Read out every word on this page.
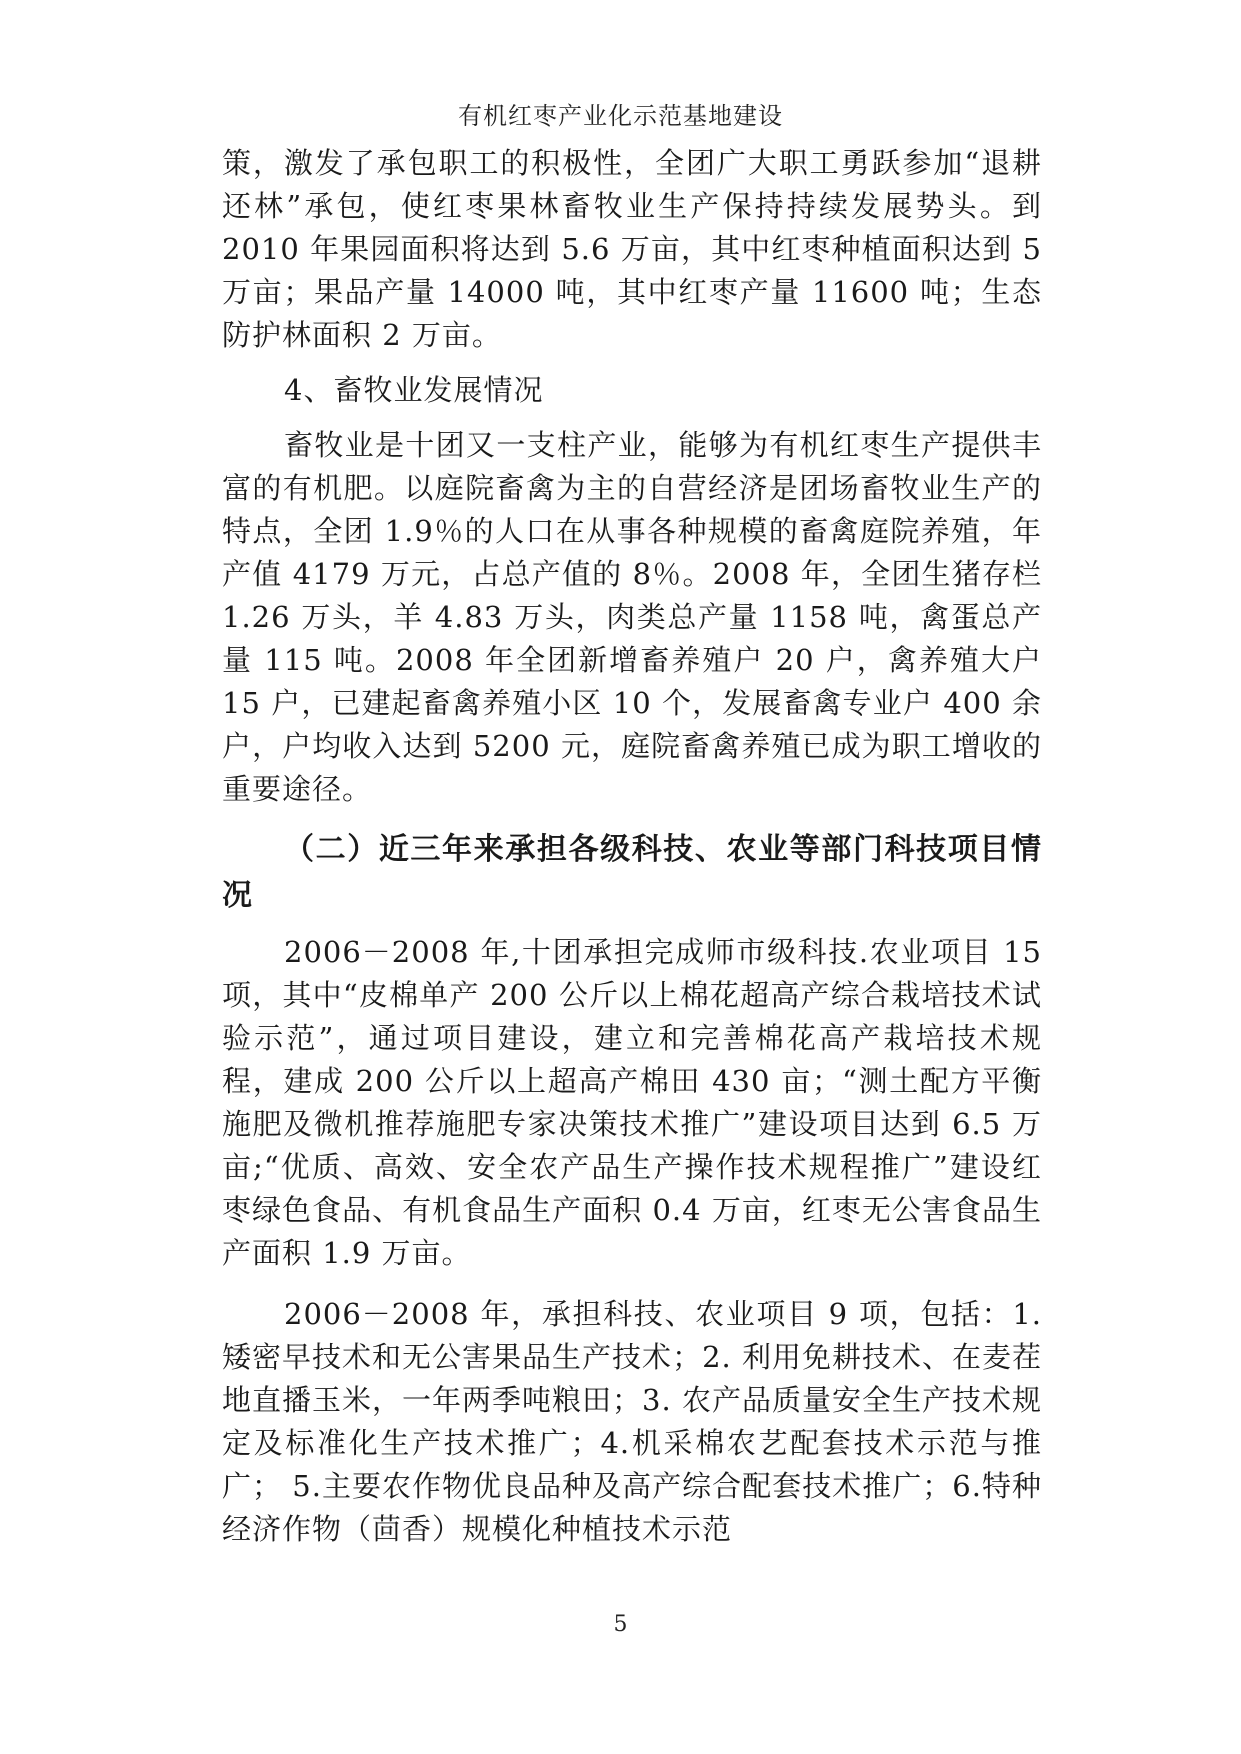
有机红枣产业化示范基地建设

策，激发了承包职工的积极性，全团广大职工勇跃参加“退耕还林”承包，使红枣果林畜牧业生产保持持续发展势头。到 2010 年果园面积将达到 5.6 万亩，其中红枣种植面积达到 5 万亩；果品产量 14000 吨，其中红枣产量 11600 吨；生态防护林面积 2 万亩。

4、畜牧业发展情况

畜牧业是十团又一支柱产业，能够为有机红枣生产提供丰富的有机肥。以庭院畜禽为主的自营经济是团场畜牧业生产的特点，全团 1.9％的人口在从事各种规模的畜禽庭院养殖，年产值 4179 万元，占总产值的 8％。2008 年，全团生猪存栏 1.26 万头，羊 4.83 万头，肉类总产量 1158 吨，禽蛋总产量 115 吨。2008 年全团新增畜养殖户 20 户，禽养殖大户 15 户，已建起畜禽养殖小区 10 个，发展畜禽专业户 400 余户，户均收入达到 5200 元，庭院畜禽养殖已成为职工增收的重要途径。

（二）近三年来承担各级科技、农业等部门科技项目情况

2006－2008 年,十团承担完成师市级科技.农业项目 15 项，其中“皮棉单产 200 公斤以上棉花超高产综合栽培技术试验示范”，通过项目建设，建立和完善棉花高产栽培技术规程，建成 200 公斤以上超高产棉田 430 亩；“测土配方平衡施肥及微机推荐施肥专家决策技术推广”建设项目达到 6.5 万亩;“优质、高效、安全农产品生产操作技术规程推广”建设红枣绿色食品、有机食品生产面积 0.4 万亩，红枣无公害食品生产面积 1.9 万亩。

2006－2008 年，承担科技、农业项目 9 项，包括：1. 矮密早技术和无公害果品生产技术；2. 利用免耕技术、在麦茬地直播玉米，一年两季吨粮田；3. 农产品质量安全生产技术规定及标准化生产技术推广；4.机采棉农艺配套技术示范与推广； 5.主要农作物优良品种及高产综合配套技术推广；6.特种经济作物（茴香）规模化种植技术示范

5
